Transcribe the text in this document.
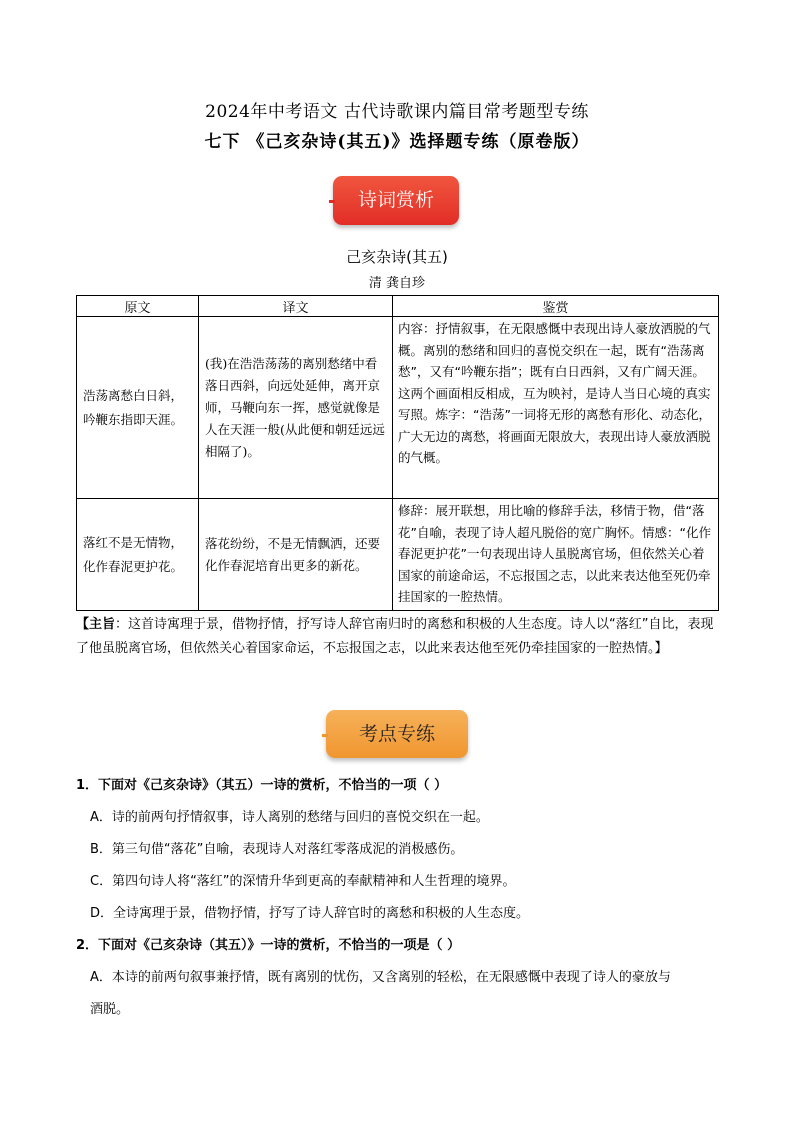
2024年中考语文 古代诗歌课内篇目常考题型专练
七下 《己亥杂诗(其五)》选择题专练（原卷版）
诗词赏析
己亥杂诗(其五)
清 龚自珍
原文	译文	鉴赏
浩荡离愁白日斜，吟鞭东指即天涯。	(我)在浩浩荡荡的离别愁绪中看落日西斜，向远处延伸，离开京师，马鞭向东一挥，感觉就像是人在天涯一般(从此便和朝廷远远相隔了)。	内容：抒情叙事，在无限感慨中表现出诗人豪放洒脱的气概。离别的愁绪和回归的喜悦交织在一起，既有“浩荡离愁”，又有“吟鞭东指”；既有白日西斜，又有广阔天涯。这两个画面相反相成，互为映衬，是诗人当日心境的真实写照。炼字：“浩荡”一词将无形的离愁有形化、动态化，广大无边的离愁，将画面无限放大，表现出诗人豪放洒脱的气概。
落红不是无情物，化作春泥更护花。	落花纷纷，不是无情飘洒，还要化作春泥培育出更多的新花。	修辞：展开联想，用比喻的修辞手法，移情于物，借“落花”自喻，表现了诗人超凡脱俗的宽广胸怀。情感：“化作春泥更护花”一句表现出诗人虽脱离官场，但依然关心着国家的前途命运，不忘报国之志，以此来表达他至死仍牵挂国家的一腔热情。
【主旨：这首诗寓理于景，借物抒情，抒写诗人辞官南归时的离愁和积极的人生态度。诗人以“落红”自比，表现了他虽脱离官场，但依然关心着国家命运，不忘报国之志，以此来表达他至死仍牵挂国家的一腔热情。】
考点专练
1．下面对《己亥杂诗》（其五）一诗的赏析，不恰当的一项（ ）
A．诗的前两句抒情叙事，诗人离别的愁绪与回归的喜悦交织在一起。
B．第三句借“落花”自喻，表现诗人对落红零落成泥的消极感伤。
C．第四句诗人将“落红”的深情升华到更高的奉献精神和人生哲理的境界。
D．全诗寓理于景，借物抒情，抒写了诗人辞官时的离愁和积极的人生态度。
2．下面对《己亥杂诗（其五）》一诗的赏析，不恰当的一项是（ ）
A．本诗的前两句叙事兼抒情，既有离别的忧伤，又含离别的轻松，在无限感慨中表现了诗人的豪放与
酒脱。
